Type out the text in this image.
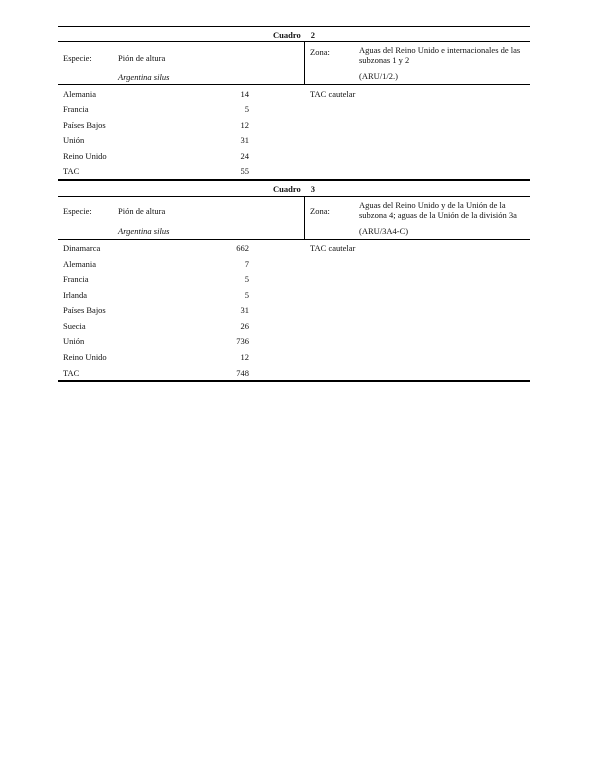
Cuadro 2
Especie:	Pión de altura
Argentina silus
Zona:	Aguas del Reino Unido e internacionales de las subzonas 1 y 2
(ARU/1/2.)
Alemania	14	TAC cautelar
Francia	5
Países Bajos	12
Unión	31
Reino Unido	24
TAC	55
Cuadro 3
Especie:	Pión de altura
Argentina silus
Zona:
Aguas del Reino Unido y de la Unión de la subzona 4; aguas de la Unión de la división 3a
(ARU/3A4-C)
Dinamarca	662	TAC cautelar
Alemania	7
Francia	5
Irlanda	5
Países Bajos	31
Suecia	26
Unión	736
Reino Unido	12
TAC	748
